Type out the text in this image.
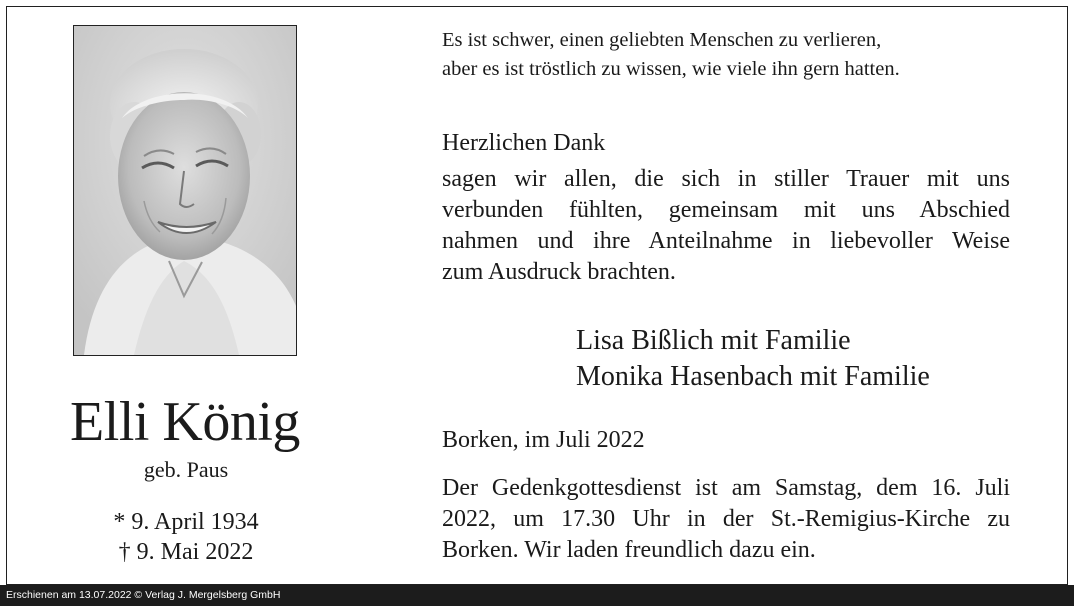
Elli König
geb. Paus
* 9. April 1934
† 9. Mai 2022
Es ist schwer, einen geliebten Menschen zu verlieren,
aber es ist tröstlich zu wissen, wie viele ihn gern hatten.
Herzlichen Dank
sagen wir allen, die sich in stiller Trauer mit uns
verbunden fühlten, gemeinsam mit uns Abschied
nahmen und ihre Anteilnahme in liebevoller Weise
zum Ausdruck brachten.
Lisa Bißlich mit Familie
Monika Hasenbach mit Familie
Borken, im Juli 2022
Der Gedenkgottesdienst ist am Samstag, dem 16. Juli
2022, um 17.30 Uhr in der St.-Remigius-Kirche zu
Borken. Wir laden freundlich dazu ein.
Erschienen am 13.07.2022 © Verlag J. Mergelsberg GmbH
